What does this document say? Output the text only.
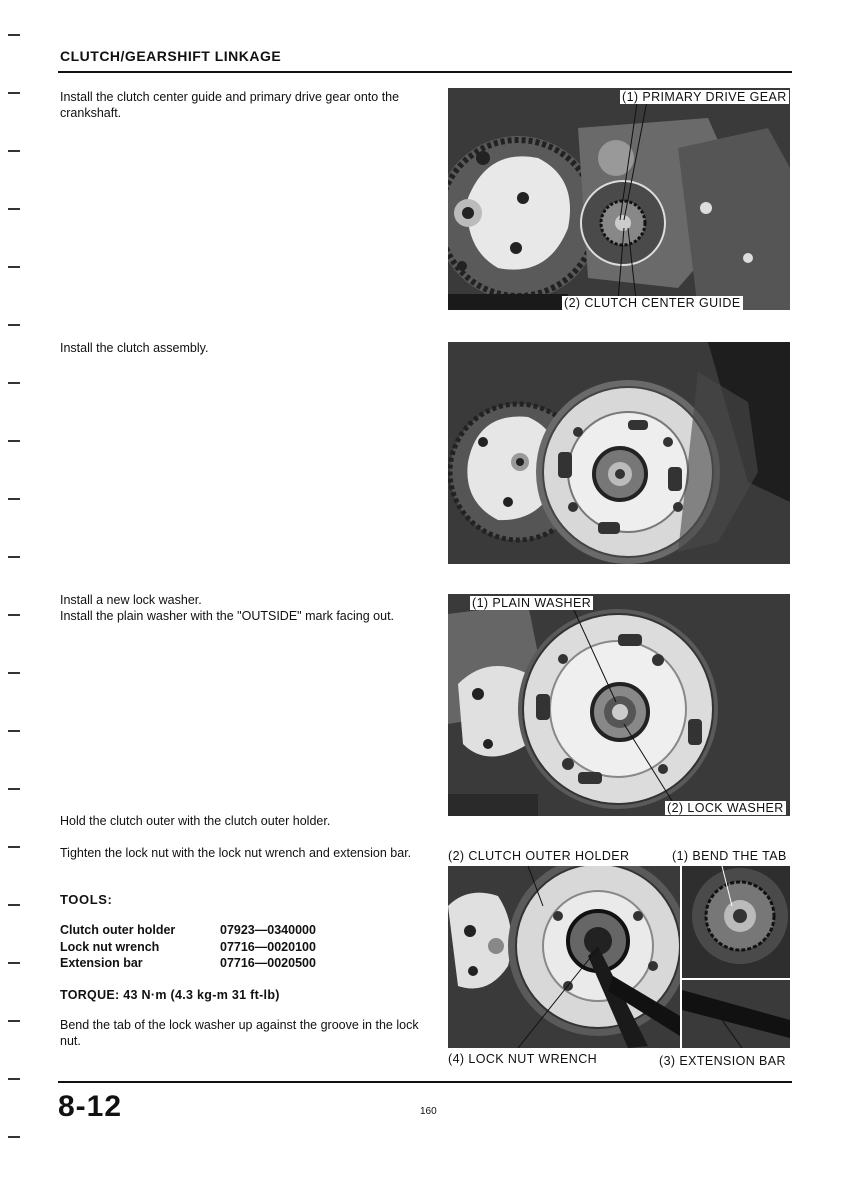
CLUTCH/GEARSHIFT LINKAGE
Install the clutch center guide and primary drive gear onto the crankshaft.
Install the clutch assembly.
Install a new lock washer.
Install the plain washer with the "OUTSIDE" mark facing out.
Hold the clutch outer with the clutch outer holder.
Tighten the lock nut with the lock nut wrench and extension bar.
TOOLS:
Clutch outer holder	07923—0340000
Lock nut wrench	07716—0020100
Extension bar	07716—0020500
TORQUE: 43 N·m (4.3 kg-m 31 ft-lb)
Bend the tab of the lock washer up against the groove in the lock nut.
(1) PRIMARY DRIVE GEAR
(2) CLUTCH CENTER GUIDE
(1) PLAIN WASHER
(2) LOCK WASHER
(2) CLUTCH OUTER HOLDER	(1) BEND THE TAB
(4) LOCK NUT WRENCH	(3) EXTENSION BAR
8-12	160
